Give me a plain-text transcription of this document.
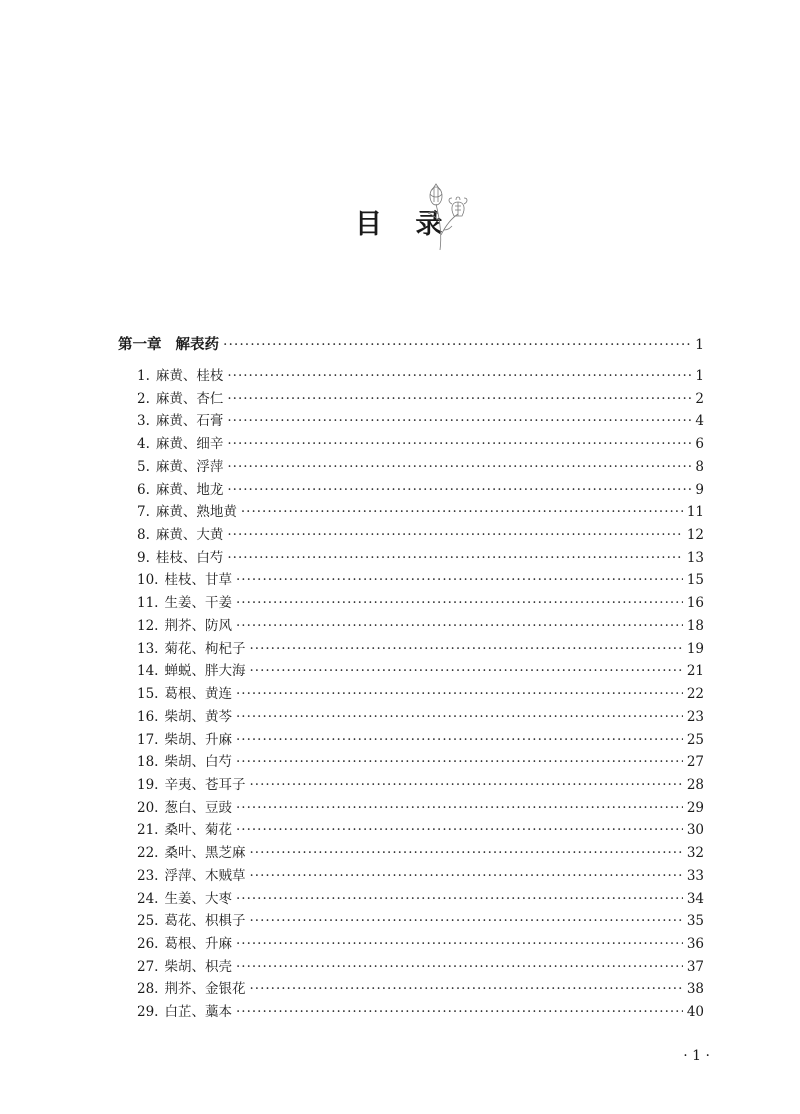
目 录
第一章 解表药 ·····	1
1. 麻黄、桂枝 ·····	1
2. 麻黄、杏仁 ·····	2
3. 麻黄、石膏 ·····	4
4. 麻黄、细辛 ·····	6
5. 麻黄、浮萍 ·····	8
6. 麻黄、地龙 ·····	9
7. 麻黄、熟地黄 ·····	11
8. 麻黄、大黄 ·····	12
9. 桂枝、白芍 ·····	13
10. 桂枝、甘草 ·····	15
11. 生姜、干姜 ·····	16
12. 荆芥、防风 ·····	18
13. 菊花、枸杞子 ·····	19
14. 蝉蜕、胖大海 ·····	21
15. 葛根、黄连 ·····	22
16. 柴胡、黄芩 ·····	23
17. 柴胡、升麻 ·····	25
18. 柴胡、白芍 ·····	27
19. 辛夷、苍耳子 ·····	28
20. 葱白、豆豉 ·····	29
21. 桑叶、菊花 ·····	30
22. 桑叶、黑芝麻 ·····	32
23. 浮萍、木贼草 ·····	33
24. 生姜、大枣 ·····	34
25. 葛花、枳椇子 ·····	35
26. 葛根、升麻 ·····	36
27. 柴胡、枳壳 ·····	37
28. 荆芥、金银花 ·····	38
29. 白芷、藁本 ·····	40
· 1 ·
